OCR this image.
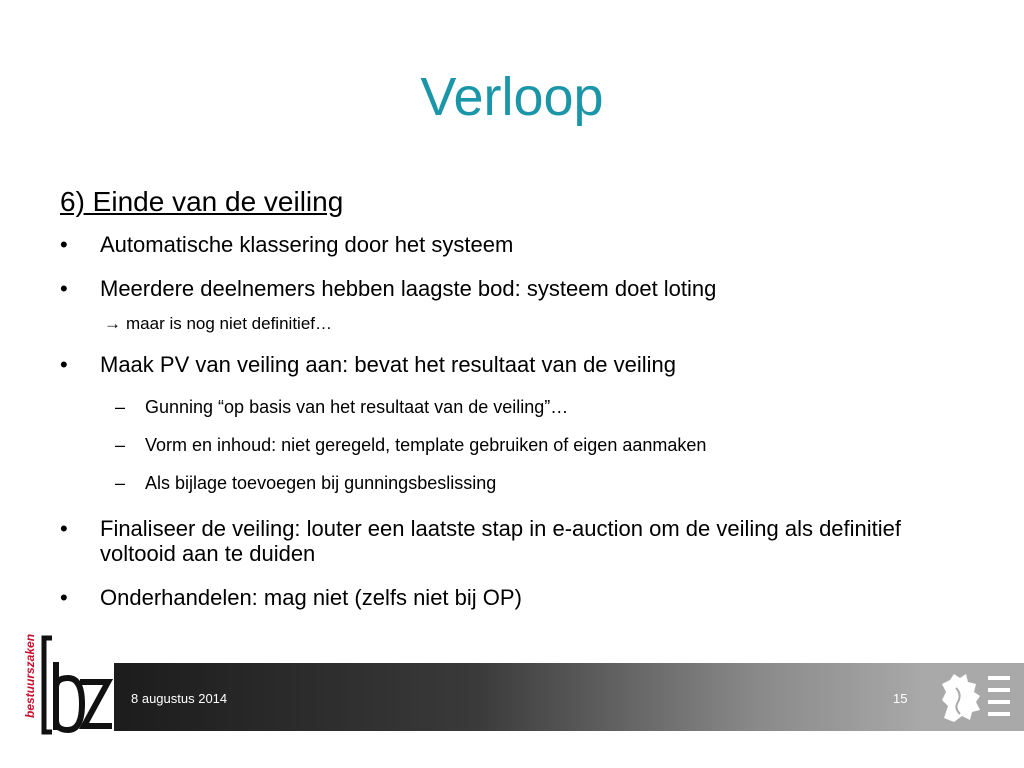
Verloop
6) Einde van de veiling
• Automatische klassering door het systeem
• Meerdere deelnemers hebben laagste bod: systeem doet loting
→ maar is nog niet definitief…
• Maak PV van veiling aan: bevat het resultaat van de veiling
– Gunning “op basis van het resultaat van de veiling”…
– Vorm en inhoud: niet geregeld, template gebruiken of eigen aanmaken
– Als bijlage toevoegen bij gunningsbeslissing
• Finaliseer de veiling: louter een laatste stap in e-auction om de veiling als definitief voltooid aan te duiden
• Onderhandelen: mag niet (zelfs niet bij OP)
bestuurszaken	8 augustus 2014	15
